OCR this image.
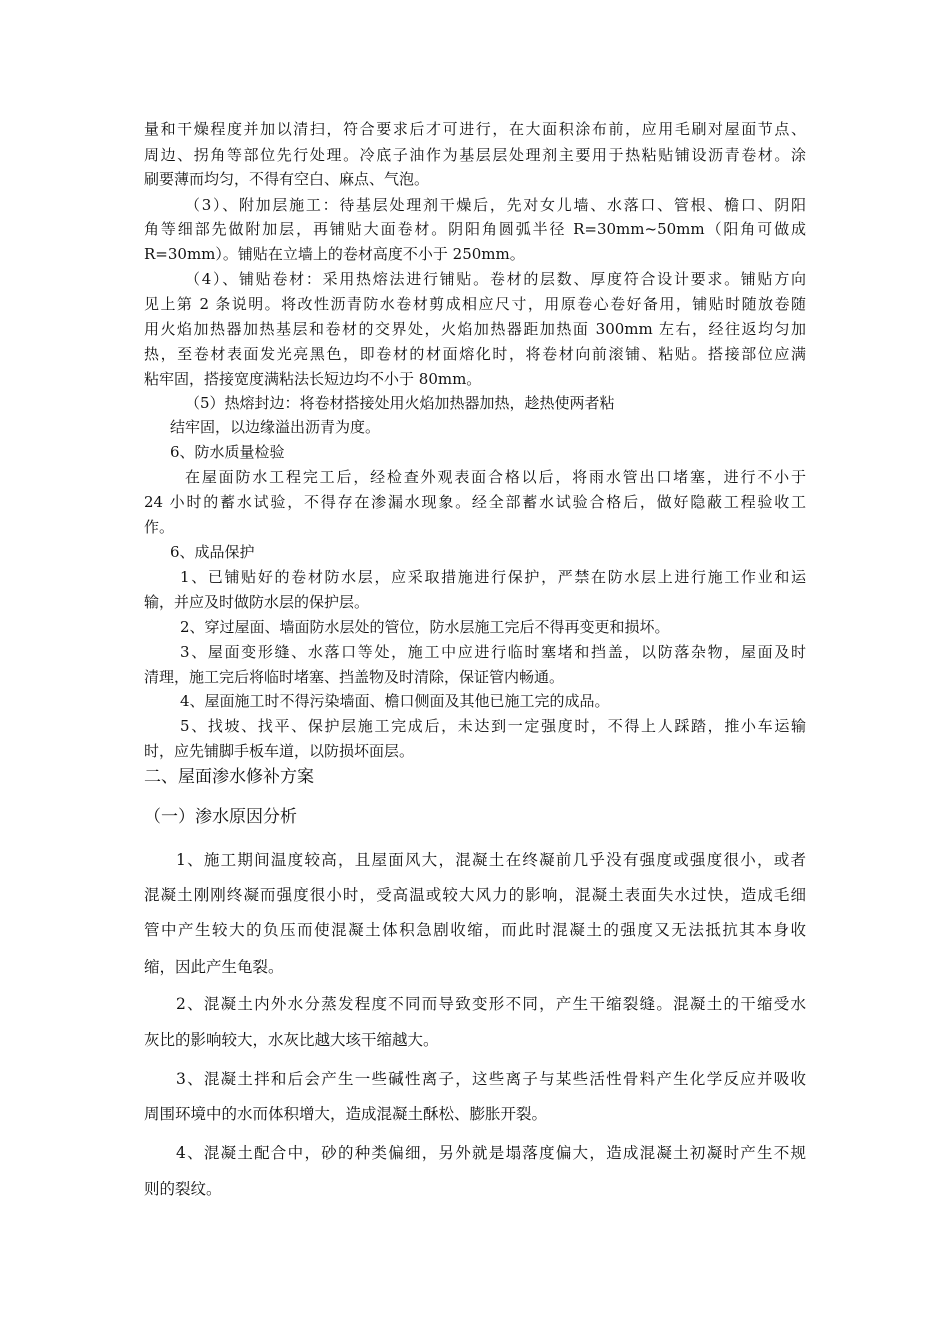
量和干燥程度并加以清扫，符合要求后才可进行，在大面积涂布前，应用毛刷对屋面节点、
周边、拐角等部位先行处理。冷底子油作为基层层处理剂主要用于热粘贴铺设沥青卷材。涂
刷要薄而均匀，不得有空白、麻点、气泡。
（3）、附加层施工：待基层处理剂干燥后，先对女儿墙、水落口、管根、檐口、阴阳
角等细部先做附加层，再铺贴大面卷材。阴阳角圆弧半径 R=30mm~50mm（阳角可做成
R=30mm）。铺贴在立墙上的卷材高度不小于 250mm。
（4）、铺贴卷材：采用热熔法进行铺贴。卷材的层数、厚度符合设计要求。铺贴方向
见上第 2 条说明。将改性沥青防水卷材剪成相应尺寸，用原卷心卷好备用，铺贴时随放卷随
用火焰加热器加热基层和卷材的交界处，火焰加热器距加热面 300mm 左右，经往返均匀加
热，至卷材表面发光亮黑色，即卷材的材面熔化时，将卷材向前滚铺、粘贴。搭接部位应满
粘牢固，搭接宽度满粘法长短边均不小于 80mm。
（5）热熔封边：将卷材搭接处用火焰加热器加热，趁热使两者粘
结牢固，以边缘溢出沥青为度。
6、防水质量检验
在屋面防水工程完工后，经检查外观表面合格以后，将雨水管出口堵塞，进行不小于
24 小时的蓄水试验，不得存在渗漏水现象。经全部蓄水试验合格后，做好隐蔽工程验收工
作。
6、成品保护
1、已铺贴好的卷材防水层，应采取措施进行保护，严禁在防水层上进行施工作业和运
输，并应及时做防水层的保护层。
2、穿过屋面、墙面防水层处的管位，防水层施工完后不得再变更和损坏。
3、屋面变形缝、水落口等处，施工中应进行临时塞堵和挡盖，以防落杂物，屋面及时
清理，施工完后将临时堵塞、挡盖物及时清除，保证管内畅通。
4、屋面施工时不得污染墙面、檐口侧面及其他已施工完的成品。
5、找坡、找平、保护层施工完成后，未达到一定强度时，不得上人踩踏，推小车运输
时，应先铺脚手板车道，以防损坏面层。
二、屋面渗水修补方案
（一）渗水原因分析
1、施工期间温度较高，且屋面风大，混凝土在终凝前几乎没有强度或强度很小，或者
混凝土刚刚终凝而强度很小时，受高温或较大风力的影响，混凝土表面失水过快，造成毛细
管中产生较大的负压而使混凝土体积急剧收缩，而此时混凝土的强度又无法抵抗其本身收
缩，因此产生龟裂。
2、混凝土内外水分蒸发程度不同而导致变形不同，产生干缩裂缝。混凝土的干缩受水
灰比的影响较大，水灰比越大垓干缩越大。
3、混凝土拌和后会产生一些碱性离子，这些离子与某些活性骨料产生化学反应并吸收
周围环境中的水而体积增大，造成混凝土酥松、膨胀开裂。
4、混凝土配合中，砂的种类偏细，另外就是塌落度偏大，造成混凝土初凝时产生不规
则的裂纹。
